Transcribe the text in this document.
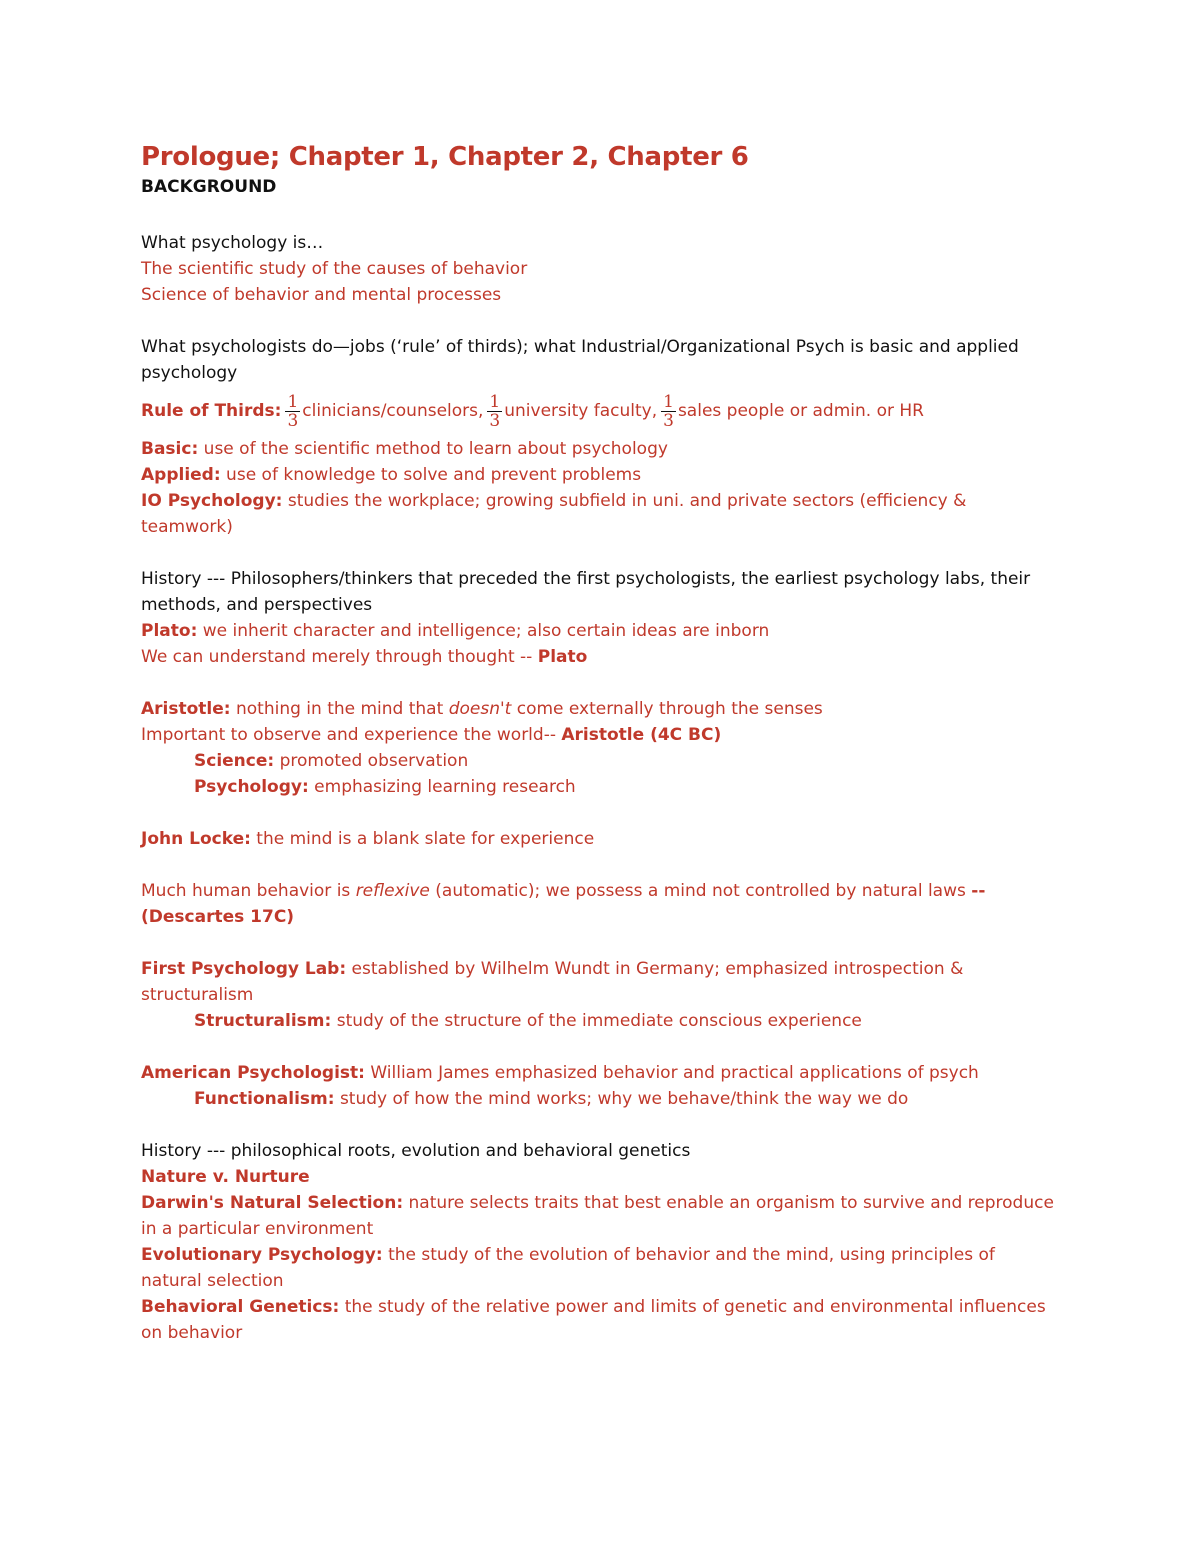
Prologue; Chapter 1, Chapter 2, Chapter 6

BACKGROUND

What psychology is…

The scientific study of the causes of behavior

Science of behavior and mental processes

What psychologists do—jobs (‘rule’ of thirds); what Industrial/Organizational Psych is basic and applied psychology

Rule of Thirds: $\frac{1}{3}$ clinicians/counselors, $\frac{1}{3}$ university faculty, $\frac{1}{3}$ sales people or admin. or HR

Basic: use of the scientific method to learn about psychology

Applied: use of knowledge to solve and prevent problems

IO Psychology: studies the workplace; growing subfield in uni. and private sectors (efficiency & teamwork)

History --- Philosophers/thinkers that preceded the first psychologists, the earliest psychology labs, their methods, and perspectives

Plato: we inherit character and intelligence; also certain ideas are inborn

We can understand merely through thought -- Plato

Aristotle: nothing in the mind that doesn't come externally through the senses

Important to observe and experience the world-- Aristotle (4C BC)

Science: promoted observation

Psychology: emphasizing learning research

John Locke: the mind is a blank slate for experience

Much human behavior is reflexive (automatic); we possess a mind not controlled by natural laws -- (Descartes 17C)

First Psychology Lab: established by Wilhelm Wundt in Germany; emphasized introspection & structuralism

Structuralism: study of the structure of the immediate conscious experience

American Psychologist: William James emphasized behavior and practical applications of psych

Functionalism: study of how the mind works; why we behave/think the way we do

History --- philosophical roots, evolution and behavioral genetics

Nature v. Nurture

Darwin's Natural Selection: nature selects traits that best enable an organism to survive and reproduce in a particular environment

Evolutionary Psychology: the study of the evolution of behavior and the mind, using principles of natural selection

Behavioral Genetics: the study of the relative power and limits of genetic and environmental influences on behavior
